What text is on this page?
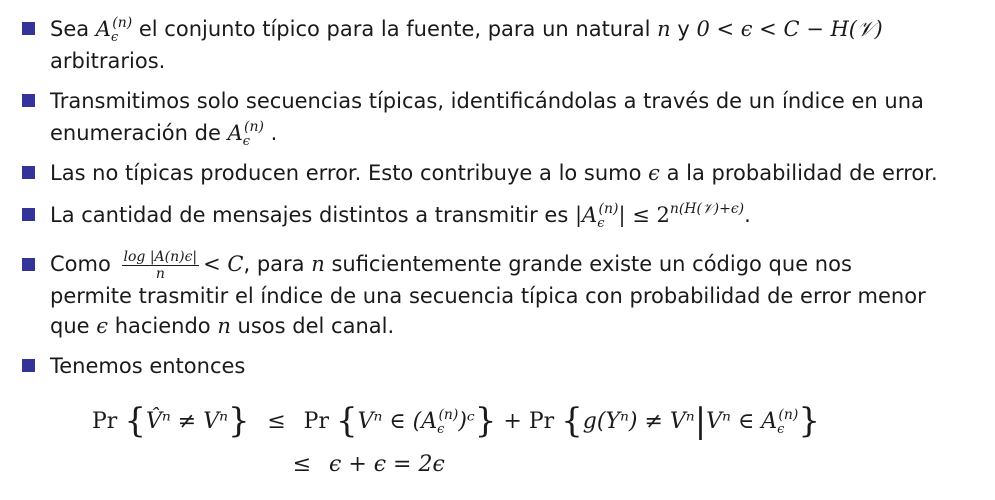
Sea $A_\epsilon^{(n)}$ el conjunto típico para la fuente, para un natural n y 0 < ϵ < C − H(𝒱)
arbitrarios.
Transmitimos solo secuencias típicas, identificándolas a través de un índice en una
enumeración de $A_\epsilon^{(n)}$ .
Las no típicas producen error. Esto contribuye a lo sumo ϵ a la probabilidad de error.
La cantidad de mensajes distintos a transmitir es $|A_\epsilon^{(n)}| \le 2^{n(H(𝒱)+\epsilon)}$.
Como $\frac{\log |A(n)\epsilon|}{n} < C$, para n suficientemente grande existe un código que nos
permite trasmitir el índice de una secuencia típica con probabilidad de error menor
que ϵ haciendo n usos del canal.
Tenemos entonces
Pr {V̂ⁿ ≠ Vⁿ} ≤ Pr {Vⁿ ∈ $(A_\epsilon^{(n)})ᶜ\} + Pr$ {g(Yⁿ) ≠ Vⁿ|Vⁿ ∈ $A_\epsilon^{(n)}$}
≤ ϵ + ϵ = 2ϵ
